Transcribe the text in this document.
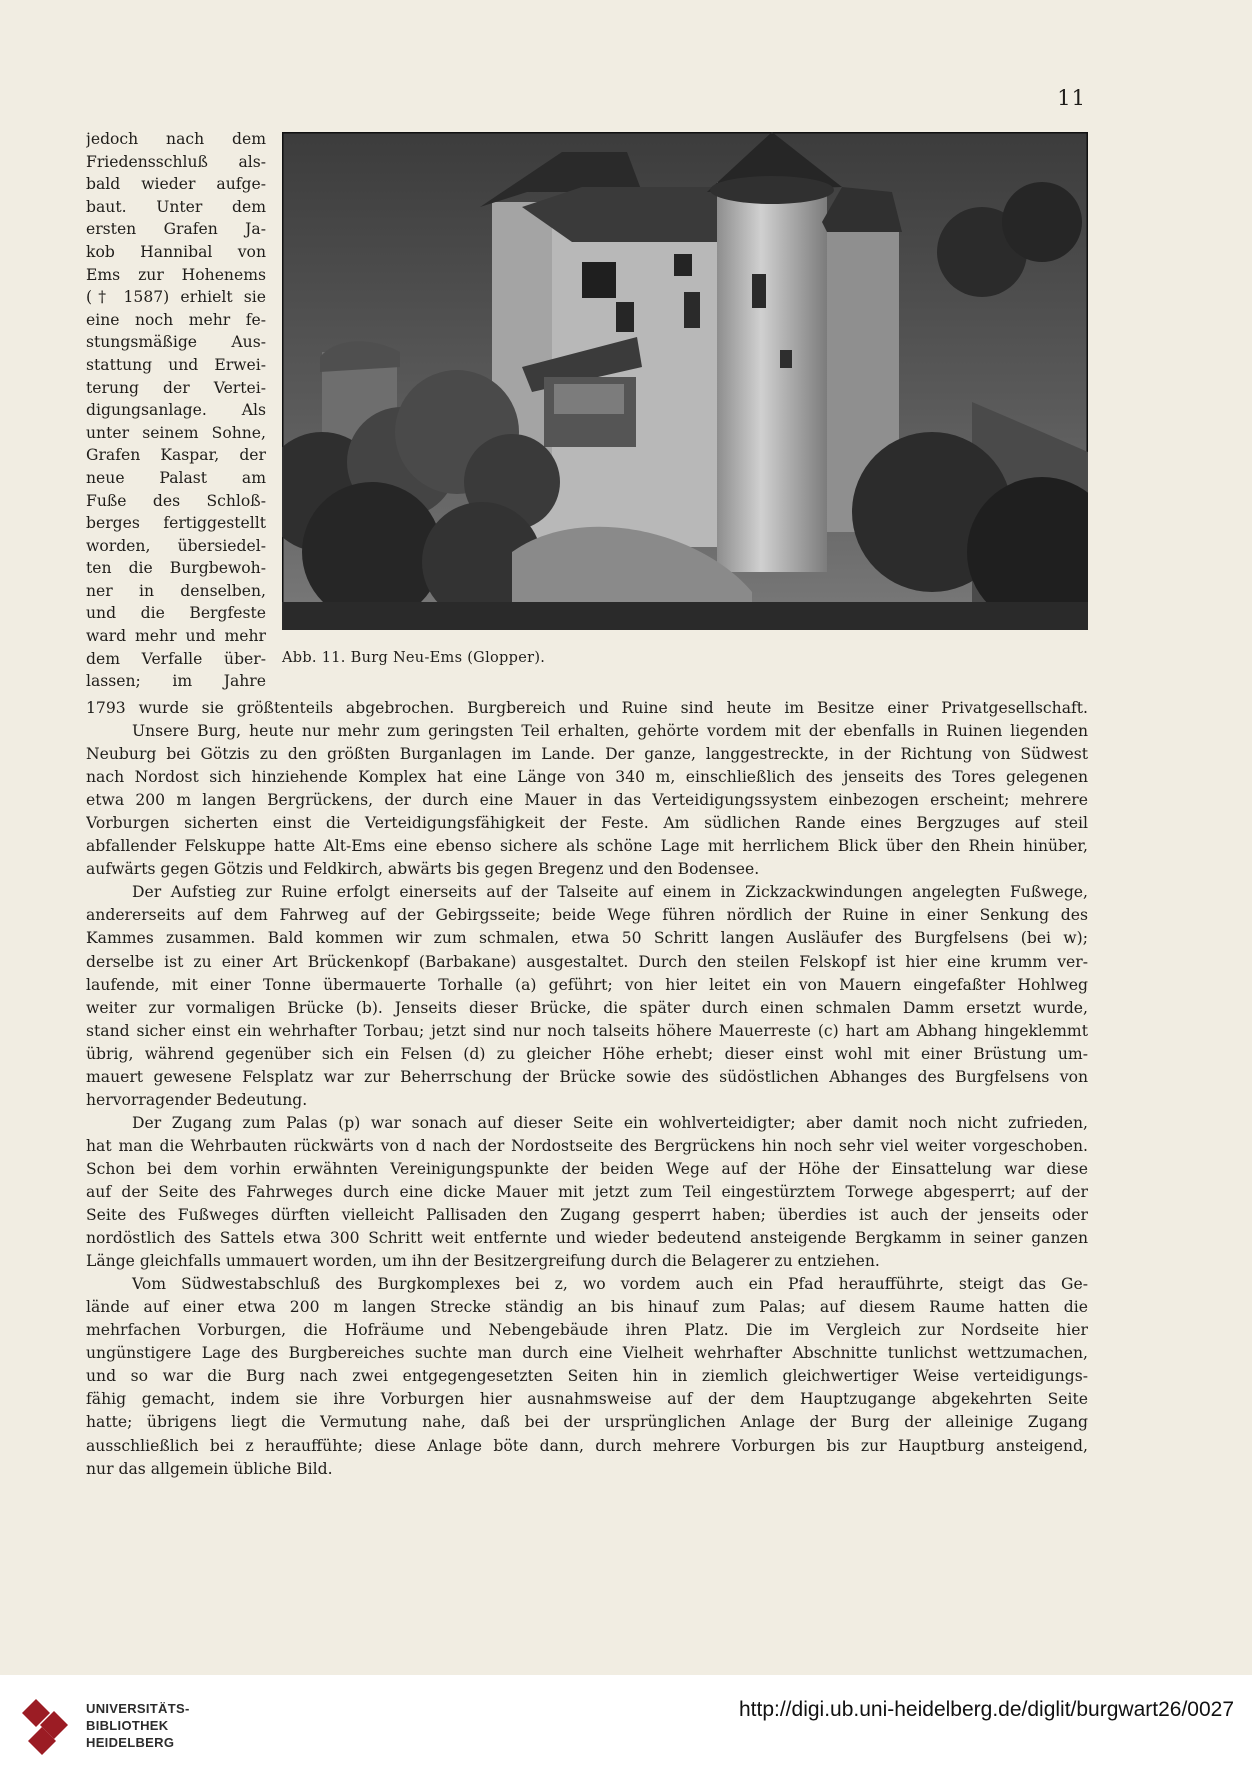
11
jedoch nach dem
Friedensschluß als-
bald wieder aufge-
baut. Unter dem
ersten Grafen Ja-
kob Hannibal von
Ems zur Hohenems
(† 1587) erhielt sie
eine noch mehr fe-
stungsmäßige Aus-
stattung und Erwei-
terung der Vertei-
digungsanlage. Als
unter seinem Sohne,
Grafen Kaspar, der
neue Palast am
Fuße des Schloß-
berges fertiggestellt
worden, übersiedel-
ten die Burgbewoh-
ner in denselben,
und die Bergfeste
ward mehr und mehr
dem Verfalle über-
lassen; im Jahre
Abb. 11. Burg Neu-Ems (Glopper).
1793 wurde sie größtenteils abgebrochen. Burgbereich und Ruine sind heute im Besitze einer Privatgesellschaft.
Unsere Burg, heute nur mehr zum geringsten Teil erhalten, gehörte vordem mit der ebenfalls in Ruinen liegenden
Neuburg bei Götzis zu den größten Burganlagen im Lande. Der ganze, langgestreckte, in der Richtung von Südwest
nach Nordost sich hinziehende Komplex hat eine Länge von 340 m, einschließlich des jenseits des Tores gelegenen
etwa 200 m langen Bergrückens, der durch eine Mauer in das Verteidigungssystem einbezogen erscheint; mehrere
Vorburgen sicherten einst die Verteidigungsfähigkeit der Feste. Am südlichen Rande eines Bergzuges auf steil
abfallender Felskuppe hatte Alt-Ems eine ebenso sichere als schöne Lage mit herrlichem Blick über den Rhein hinüber,
aufwärts gegen Götzis und Feldkirch, abwärts bis gegen Bregenz und den Bodensee.
Der Aufstieg zur Ruine erfolgt einerseits auf der Talseite auf einem in Zickzackwindungen angelegten Fußwege,
andererseits auf dem Fahrweg auf der Gebirgsseite; beide Wege führen nördlich der Ruine in einer Senkung des
Kammes zusammen. Bald kommen wir zum schmalen, etwa 50 Schritt langen Ausläufer des Burgfelsens (bei w);
derselbe ist zu einer Art Brückenkopf (Barbakane) ausgestaltet. Durch den steilen Felskopf ist hier eine krumm ver-
laufende, mit einer Tonne übermauerte Torhalle (a) geführt; von hier leitet ein von Mauern eingefaßter Hohlweg
weiter zur vormaligen Brücke (b). Jenseits dieser Brücke, die später durch einen schmalen Damm ersetzt wurde,
stand sicher einst ein wehrhafter Torbau; jetzt sind nur noch talseits höhere Mauerreste (c) hart am Abhang hingeklemmt
übrig, während gegenüber sich ein Felsen (d) zu gleicher Höhe erhebt; dieser einst wohl mit einer Brüstung um-
mauert gewesene Felsplatz war zur Beherrschung der Brücke sowie des südöstlichen Abhanges des Burgfelsens von
hervorragender Bedeutung.
Der Zugang zum Palas (p) war sonach auf dieser Seite ein wohlverteidigter; aber damit noch nicht zufrieden,
hat man die Wehrbauten rückwärts von d nach der Nordostseite des Bergrückens hin noch sehr viel weiter vorgeschoben.
Schon bei dem vorhin erwähnten Vereinigungspunkte der beiden Wege auf der Höhe der Einsattelung war diese
auf der Seite des Fahrweges durch eine dicke Mauer mit jetzt zum Teil eingestürztem Torwege abgesperrt; auf der
Seite des Fußweges dürften vielleicht Pallisaden den Zugang gesperrt haben; überdies ist auch der jenseits oder
nordöstlich des Sattels etwa 300 Schritt weit entfernte und wieder bedeutend ansteigende Bergkamm in seiner ganzen
Länge gleichfalls ummauert worden, um ihn der Besitzergreifung durch die Belagerer zu entziehen.
Vom Südwestabschluß des Burgkomplexes bei z, wo vordem auch ein Pfad heraufführte, steigt das Ge-
lände auf einer etwa 200 m langen Strecke ständig an bis hinauf zum Palas; auf diesem Raume hatten die
mehrfachen Vorburgen, die Hofräume und Nebengebäude ihren Platz. Die im Vergleich zur Nordseite hier
ungünstigere Lage des Burgbereiches suchte man durch eine Vielheit wehrhafter Abschnitte tunlichst wettzumachen,
und so war die Burg nach zwei entgegengesetzten Seiten hin in ziemlich gleichwertiger Weise verteidigungs-
fähig gemacht, indem sie ihre Vorburgen hier ausnahmsweise auf der dem Hauptzugange abgekehrten Seite
hatte; übrigens liegt die Vermutung nahe, daß bei der ursprünglichen Anlage der Burg der alleinige Zugang
ausschließlich bei z herauffühte; diese Anlage böte dann, durch mehrere Vorburgen bis zur Hauptburg ansteigend,
nur das allgemein übliche Bild.
UNIVERSITÄTS-
BIBLIOTHEK
HEIDELBERG
http://digi.ub.uni-heidelberg.de/diglit/burgwart26/0027
